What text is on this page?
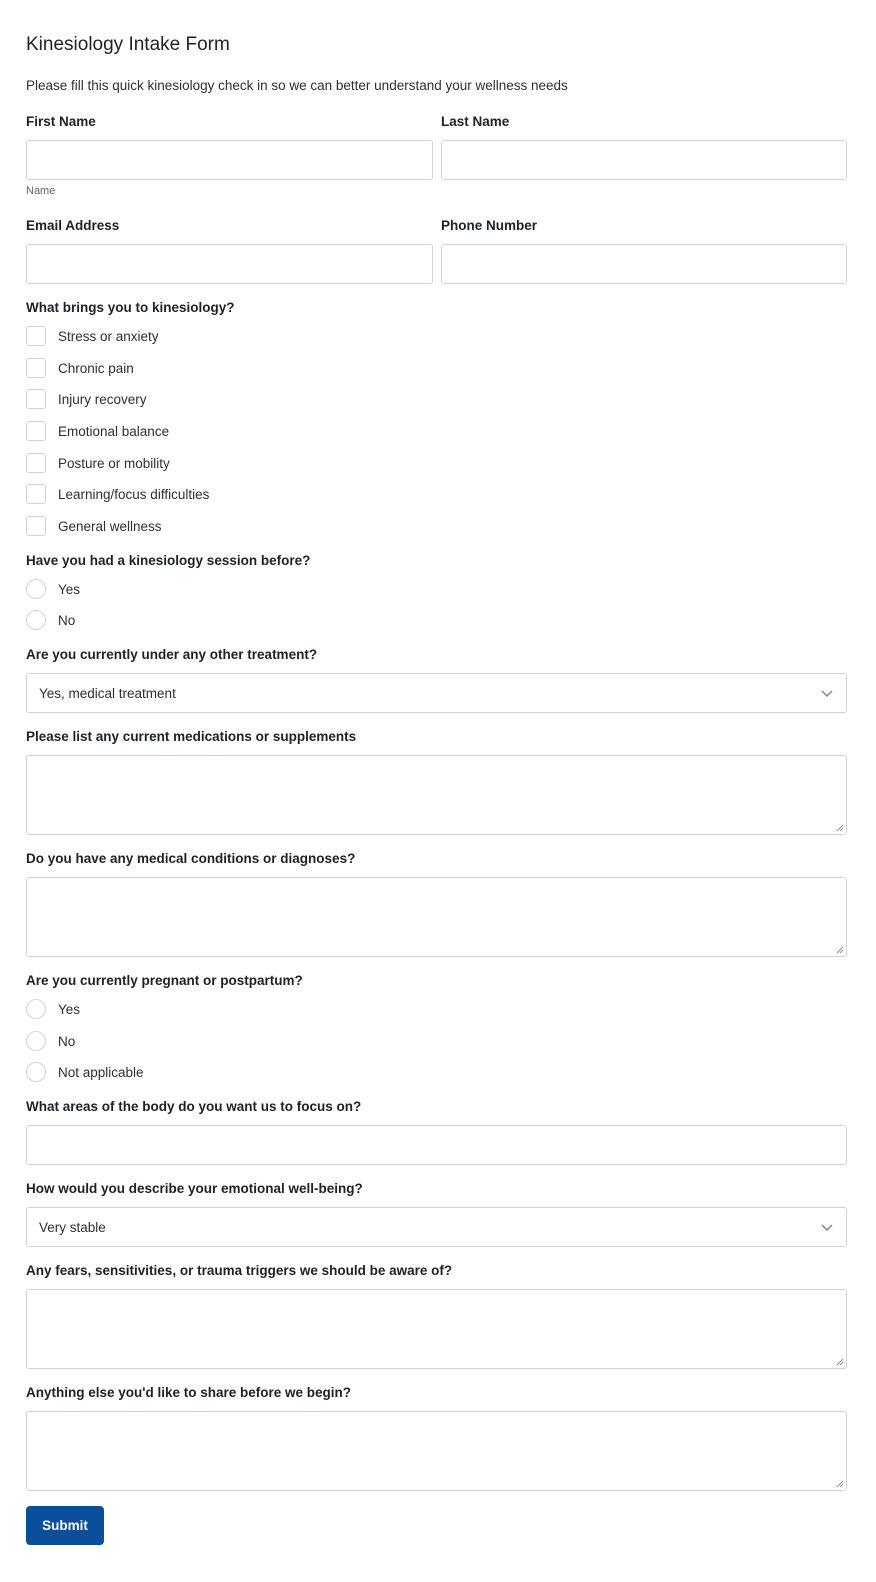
Kinesiology Intake Form
Please fill this quick kinesiology check in so we can better understand your wellness needs
First Name	Last Name
Name
Email Address	Phone Number
What brings you to kinesiology?
Stress or anxiety
Chronic pain
Injury recovery
Emotional balance
Posture or mobility
Learning/focus difficulties
General wellness
Have you had a kinesiology session before?
Yes
No
Are you currently under any other treatment?
Yes, medical treatment
Please list any current medications or supplements
Do you have any medical conditions or diagnoses?
Are you currently pregnant or postpartum?
Yes
No
Not applicable
What areas of the body do you want us to focus on?
How would you describe your emotional well-being?
Very stable
Any fears, sensitivities, or trauma triggers we should be aware of?
Anything else you'd like to share before we begin?
Submit
